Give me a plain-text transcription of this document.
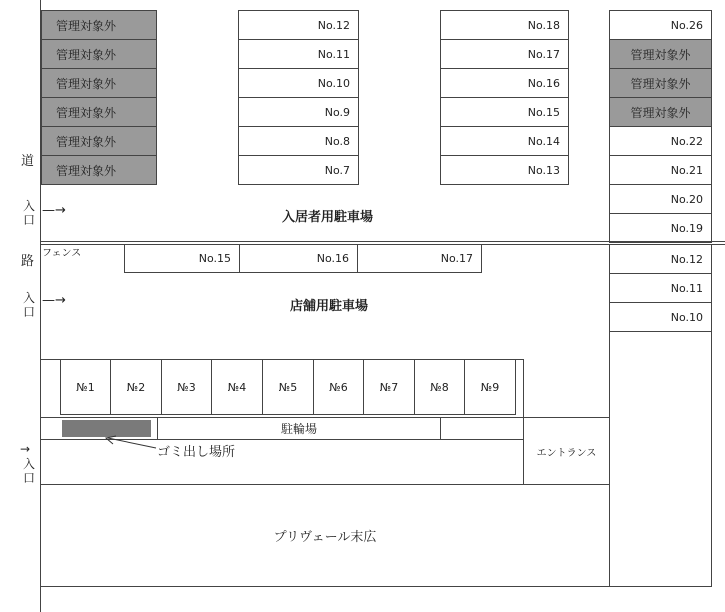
道
路
管理対象外
管理対象外
管理対象外
管理対象外
管理対象外
管理対象外
No.12
No.11
No.10
No.9
No.8
No.7
No.18
No.17
No.16
No.15
No.14
No.13
No.26
管理対象外
管理対象外
管理対象外
No.22
No.21
No.20
No.19
No.12
No.11
No.10
入
口
—→	入居者用駐車場
フェンス	No.15	No.16	No.17
入
口
—→	店舗用駐車場
№1	№2	№3	№4	№5	№6	№7	№8	№9
駐輪場
ゴミ出し場所
→
入
口
エントランス
プリヴェール末広
